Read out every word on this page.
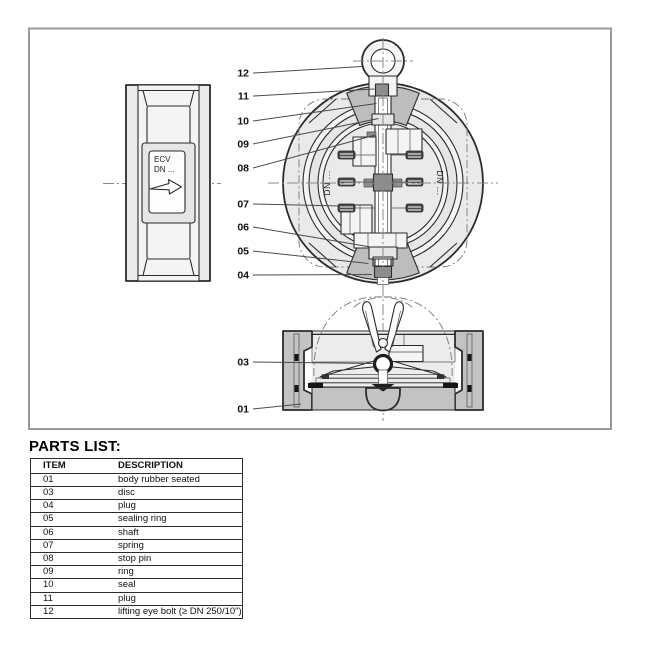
ECV
DN ...
DN ...	DN ...
12
11
10
09
08
07
06
05
04
03
01
PARTS LIST:
ITEM	DESCRIPTION
01	body rubber seated
03	disc
04	plug
05	sealing ring
06	shaft
07	spring
08	stop pin
09	ring
10	seal
11	plug
12	lifting eye bolt (≥ DN 250/10")
